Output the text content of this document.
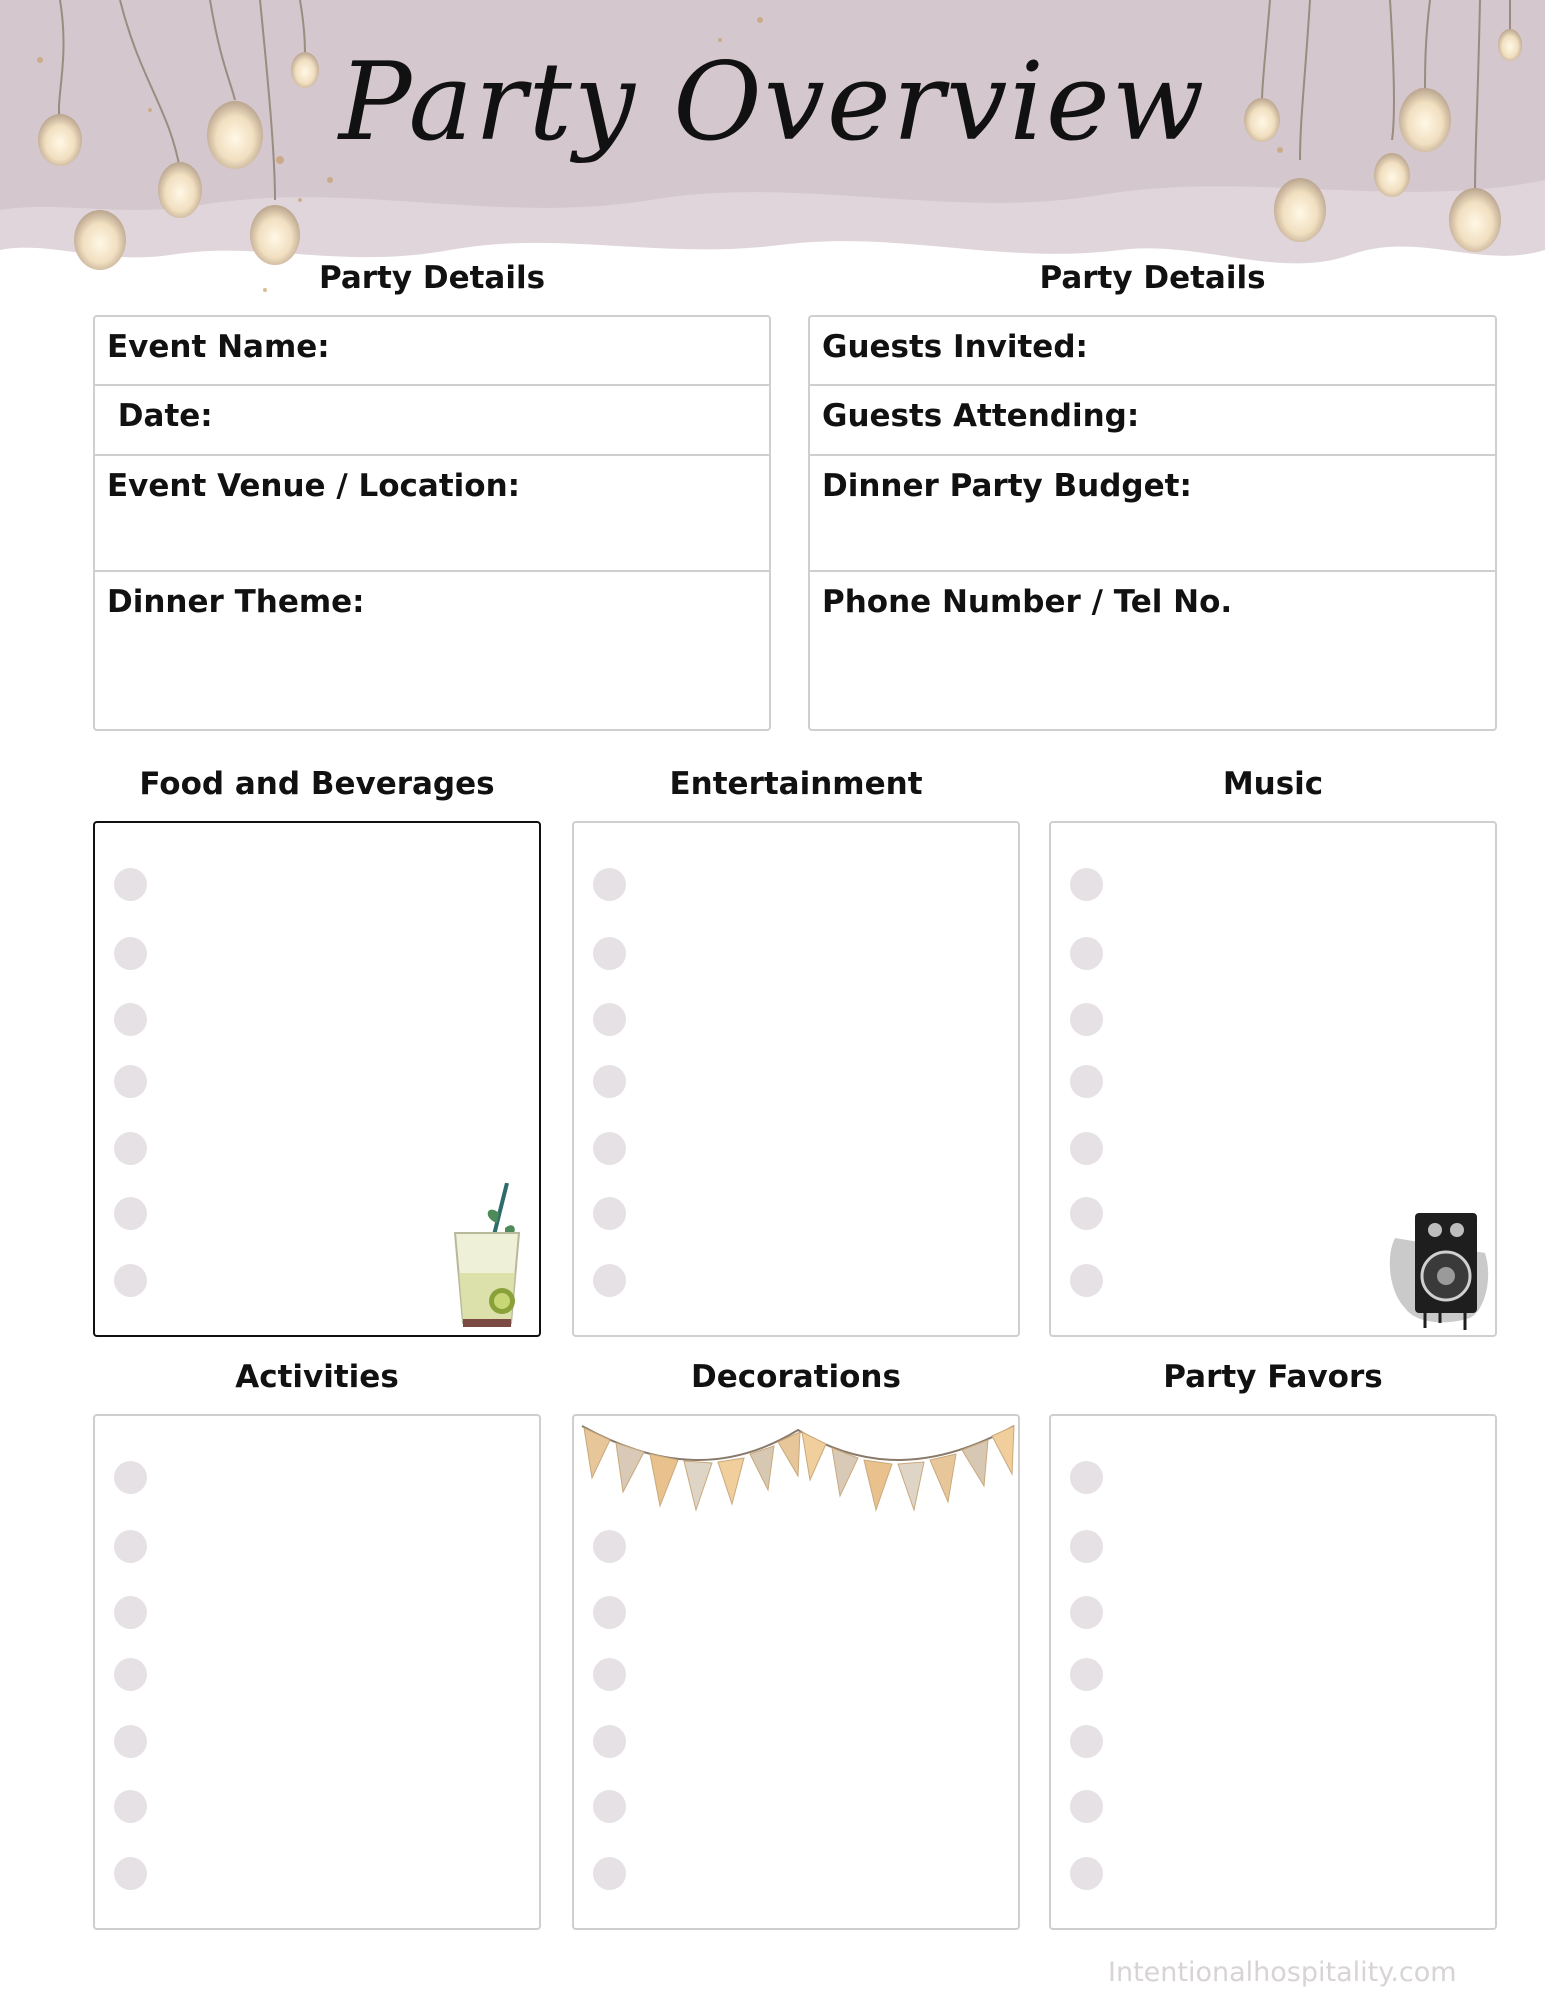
Party Overview
Party Details
Event Name:
Date:
Event Venue / Location:
Dinner Theme:
Party Details
Guests Invited:
Guests Attending:
Dinner Party Budget:
Phone Number / Tel No.
Food and Beverages	Entertainment	Music
Activities	Decorations	Party Favors
Intentionalhospitality.com
